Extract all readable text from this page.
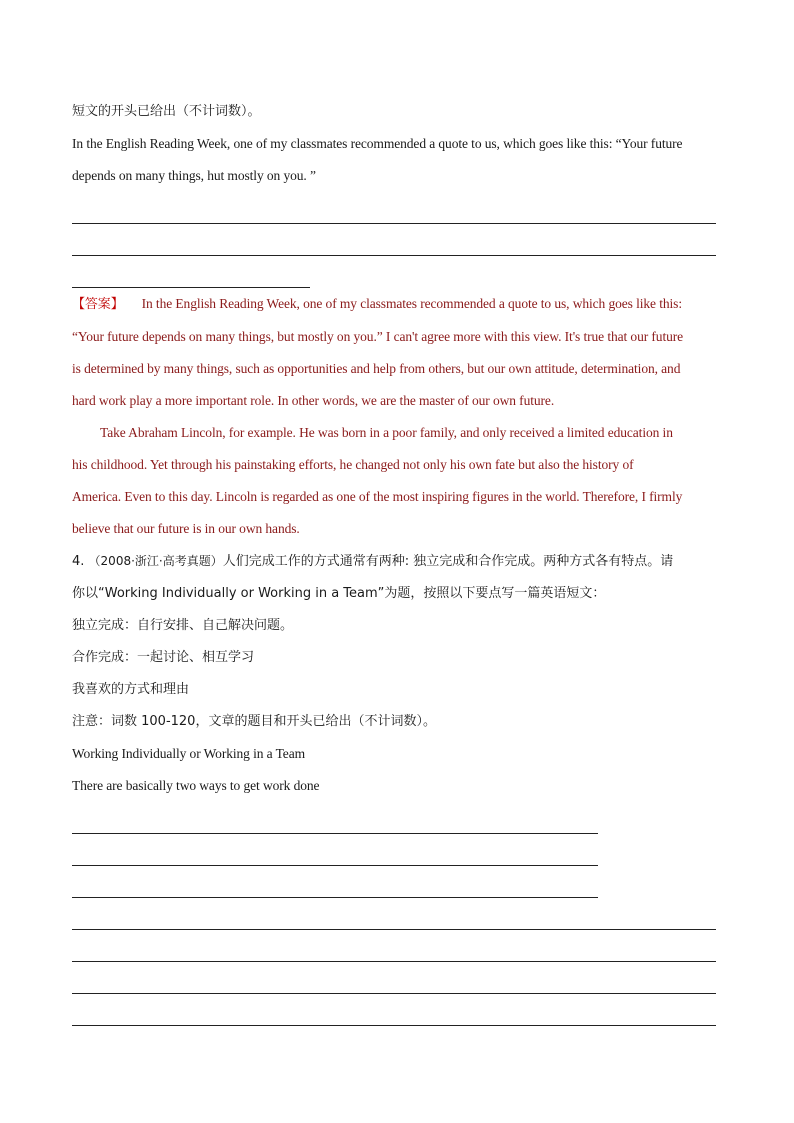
短文的开头已给出（不计词数）。
In the English Reading Week, one of my classmates recommended a quote to us, which goes like this: “Your future
depends on many things, hut mostly on you. ”
【答案】 In the English Reading Week, one of my classmates recommended a quote to us, which goes like this:
“Your future depends on many things, but mostly on you.” I can't agree more with this view. It's true that our future
is determined by many things, such as opportunities and help from others, but our own attitude, determination, and
hard work play a more important role. In other words, we are the master of our own future.
Take Abraham Lincoln, for example. He was born in a poor family, and only received a limited education in
his childhood. Yet through his painstaking efforts, he changed not only his own fate but also the history of
America. Even to this day. Lincoln is regarded as one of the most inspiring figures in the world. Therefore, I firmly
believe that our future is in our own hands.
4. （2008·浙江·高考真题）人们完成工作的方式通常有两种: 独立完成和合作完成。两种方式各有特点。请
你以“Working Individually or Working in a Team”为题，按照以下要点写一篇英语短文：
独立完成：自行安排、自己解决问题。
合作完成：一起讨论、相互学习
我喜欢的方式和理由
注意：词数 100-120，文章的题目和开头已给出（不计词数）。
Working Individually or Working in a Team
There are basically two ways to get work done
